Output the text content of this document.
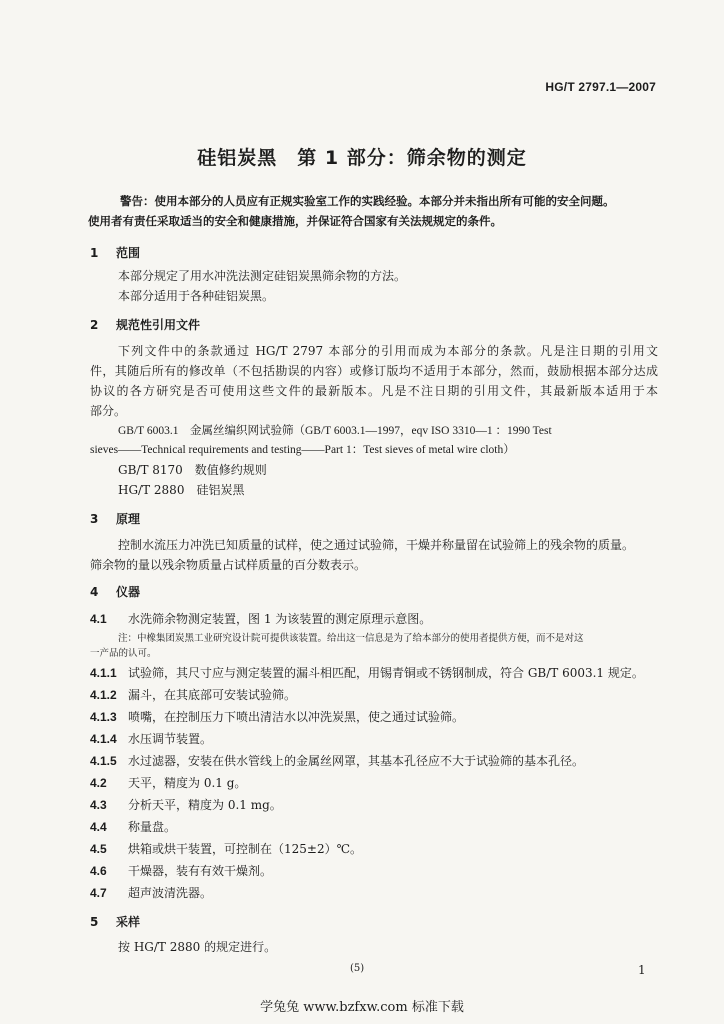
HG/T 2797.1—2007
硅铝炭黑　第 1 部分：筛余物的测定
警告：使用本部分的人员应有正规实验室工作的实践经验。本部分并未指出所有可能的安全问题。
使用者有责任采取适当的安全和健康措施，并保证符合国家有关法规规定的条件。
1 范围
本部分规定了用水冲洗法测定硅铝炭黑筛余物的方法。
本部分适用于各种硅铝炭黑。
2 规范性引用文件
下列文件中的条款通过 HG/T 2797 本部分的引用而成为本部分的条款。凡是注日期的引用文
件，其随后所有的修改单（不包括勘误的内容）或修订版均不适用于本部分，然而，鼓励根据本部分达成
协议的各方研究是否可使用这些文件的最新版本。凡是不注日期的引用文件，其最新版本适用于本
部分。
GB/T 6003.1　金属丝编织网试验筛（GB/T 6003.1—1997，eqv ISO 3310—1 ：1990 Test
sieves——Technical requirements and testing——Part 1：Test sieves of metal wire cloth）
GB/T 8170　数值修约规则
HG/T 2880　硅铝炭黑
3 原理
控制水流压力冲洗已知质量的试样，使之通过试验筛，干燥并称量留在试验筛上的残余物的质量。
筛余物的量以残余物质量占试样质量的百分数表示。
4 仪器
4.1 水洗筛余物测定装置，图 1 为该装置的测定原理示意图。
注：中橡集团炭黑工业研究设计院可提供该装置。给出这一信息是为了给本部分的使用者提供方便，而不是对这
一产品的认可。
4.1.1 试验筛，其尺寸应与测定装置的漏斗相匹配，用锡青铜或不锈钢制成，符合 GB/T 6003.1 规定。
4.1.2 漏斗，在其底部可安装试验筛。
4.1.3 喷嘴，在控制压力下喷出清洁水以冲洗炭黑，使之通过试验筛。
4.1.4 水压调节装置。
4.1.5 水过滤器，安装在供水管线上的金属丝网罩，其基本孔径应不大于试验筛的基本孔径。
4.2 天平，精度为 0.1 g。
4.3 分析天平，精度为 0.1 mg。
4.4 称量盘。
4.5 烘箱或烘干装置，可控制在（125±2）℃。
4.6 干燥器，装有有效干燥剂。
4.7 超声波清洗器。
5 采样
按 HG/T 2880 的规定进行。
(5)	1
学兔兔 www.bzfxw.com 标准下载
